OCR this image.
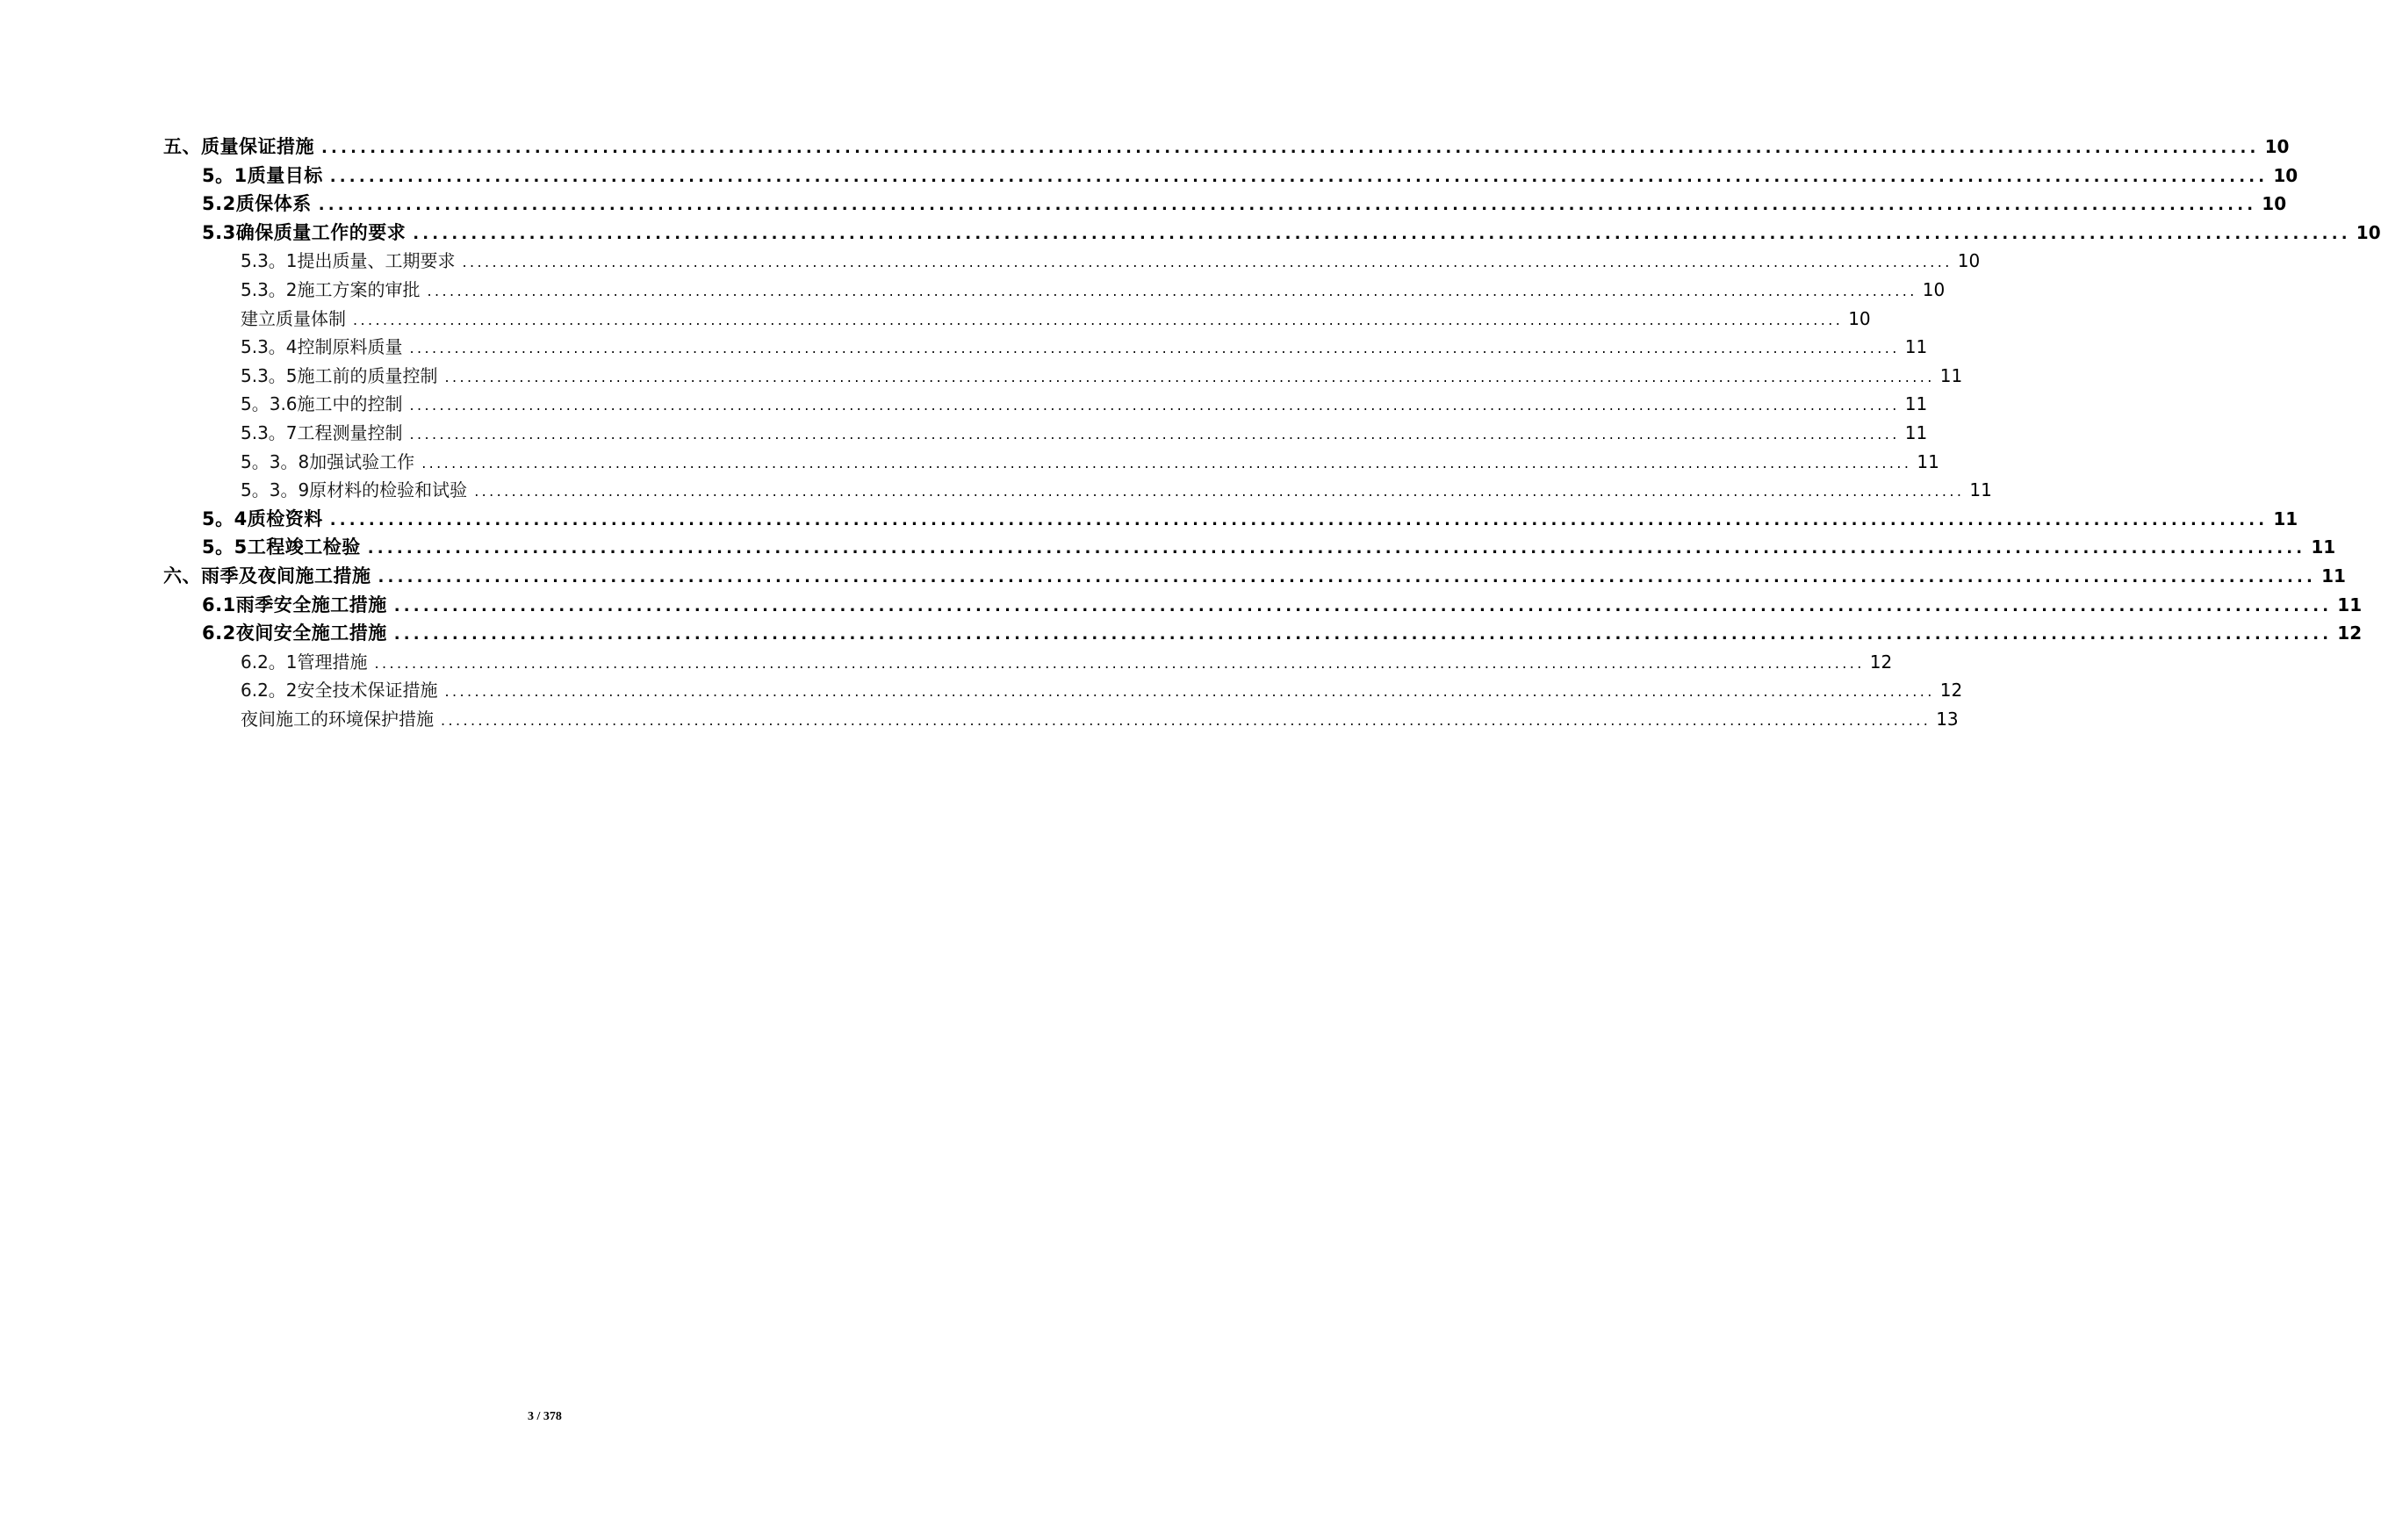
五、质量保证措施 ........................................................................................................................................................................................................ 10
5。1质量目标 ........................................................................................................................................................................................................ 10
5.2质保体系 ........................................................................................................................................................................................................ 10
5.3确保质量工作的要求 ........................................................................................................................................................................................................ 10
5.3。1提出质量、工期要求 ........................................................................................................................................................................................................ 10
5.3。2施工方案的审批 ........................................................................................................................................................................................................ 10
建立质量体制 ........................................................................................................................................................................................................ 10
5.3。4控制原料质量 ........................................................................................................................................................................................................ 11
5.3。5施工前的质量控制 ........................................................................................................................................................................................................ 11
5。3.6施工中的控制 ........................................................................................................................................................................................................ 11
5.3。7工程测量控制 ........................................................................................................................................................................................................ 11
5。3。8加强试验工作 ........................................................................................................................................................................................................ 11
5。3。9原材料的检验和试验 ........................................................................................................................................................................................................ 11
5。4质检资料 ........................................................................................................................................................................................................ 11
5。5工程竣工检验 ........................................................................................................................................................................................................ 11
六、雨季及夜间施工措施 ........................................................................................................................................................................................................ 11
6.1雨季安全施工措施 ........................................................................................................................................................................................................ 11
6.2夜间安全施工措施 ........................................................................................................................................................................................................ 12
6.2。1管理措施 ........................................................................................................................................................................................................ 12
6.2。2安全技术保证措施 ........................................................................................................................................................................................................ 12
夜间施工的环境保护措施 ........................................................................................................................................................................................................ 13
3 / 378
